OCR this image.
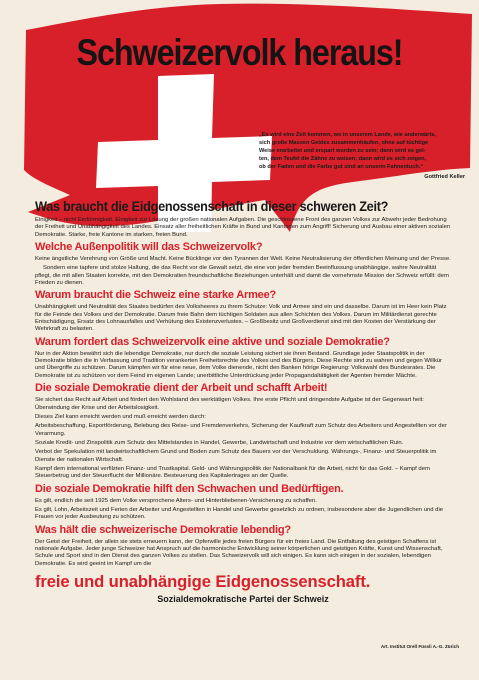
Schweizervolk heraus!
„Es wird eine Zeit kommen, wo in unserem Lande, wie anderwärts,
sich große Massen Geldes zusammenhäufen, ohne auf tüchtige
Weise erarbeitet und erspart worden zu sein; dann wird es gel-
ten, dem Teufel die Zähne zu weisen; dann wird es sich zeigen,
ob der Faden und die Farbe gut sind an unserm Fahnentuch.“
Gottfried Keller
Was braucht die Eidgenossenschaft in dieser schweren Zeit?

Einigkeit – nicht Einförmigkeit. Einigkeit zur Lösung der großen nationalen Aufgaben. Die geschlossene Front des ganzen Volkes zur Abwehr jeder Bedrohung der Freiheit und Unabhängigkeit des Landes. Einsatz aller freiheitlichen Kräfte in Bund und Kantonen zum Angriff! Sicherung und Ausbau einer aktiven sozialen Demokratie. Starke, freie Kantone im starken, freien Bund.

Welche Außenpolitik will das Schweizervolk?

Keine ängstliche Verehrung von Größe und Macht. Keine Bücklinge vor den Tyrannen der Welt. Keine Neutralisierung der öffentlichen Meinung und der Presse.

Sondern eine tapfere und stolze Haltung, die das Recht vor die Gewalt setzt, die eine von jeder fremden Beeinflussung unabhängige, wahre Neutralität pflegt, die mit allen Staaten korrekte, mit den Demokratien freundschaftliche Beziehungen unterhält und damit die vornehmste Mission der Schweiz erfüllt: dem Frieden zu dienen.

Warum braucht die Schweiz eine starke Armee?

Unabhängigkeit und Neutralität des Staates bedürfen des Volksheeres zu ihrem Schutze: Volk und Armee sind ein und dasselbe. Darum ist im Heer kein Platz für die Feinde des Volkes und der Demokratie. Darum freie Bahn dem tüchtigen Soldaten aus allen Schichten des Volkes. Darum im Militärdienst gerechte Entschädigung, Ersatz des Lohnausfalles und Verhütung des Existenzverlustes. – Großbesitz und Großverdienst sind mit den Kosten der Verstärkung der Wehrkraft zu belasten.

Warum fordert das Schweizervolk eine aktive und soziale Demokratie?

Nur in der Aktion bewährt sich die lebendige Demokratie, nur durch die soziale Leistung sichert sie ihren Bestand. Grundlage jeder Staatspolitik in der Demokratie bilden die in Verfassung und Tradition verankerten Freiheitsrechte des Volkes und des Bürgers. Diese Rechte sind zu wahren und gegen Willkür und Übergriffe zu schützen. Darum kämpfen wir für eine neue, dem Volke dienende, nicht den Banken hörige Regierung: Volkswahl des Bundesrates. Die Demokratie ist zu schützen vor dem Feind im eigenen Lande; unerbittliche Unterdrückung jeder Propagandaltätigkeit der Agenten fremder Mächte.

Die soziale Demokratie dient der Arbeit und schafft Arbeit!

Sie sichert das Recht auf Arbeit und fördert den Wohlstand des werktätigen Volkes. Ihre erste Pflicht und dringendste Aufgabe ist der Gegenwart heit: Überwindung der Krise und der Arbeitslosigkeit.

Dieses Ziel kann erreicht werden und muß erreicht werden durch:

Arbeitsbeschaffung, Exportförderung, Belebung des Reise- und Fremdenverkehrs, Sicherung der Kaufkraft zum Schutz des Arbeiters und Angestellten vor der Verarmung.

Soziale Kredit- und Zinspolitik zum Schutz des Mittelstandes in Handel, Gewerbe, Landwirtschaft und Industrie vor dem wirtschaftlichen Ruin.

Verbot der Spekulation mit landwirtschaftlichem Grund und Boden zum Schutz des Bauers vor der Verschuldung. Währungs-, Finanz- und Steuerpolitik im Dienste der nationalen Wirtschaft.

Kampf dem international verfilzten Finanz- und Trustkapital. Geld- und Währungspolitik der Nationalbank für die Arbeit, nicht für das Gold. – Kampf dem Steuerbetrug und der Steuerflucht der Millionäre. Besteuerung des Kapitalertrages an der Quelle.

Die soziale Demokratie hilft den Schwachen und Bedürftigen.

Es gilt, endlich die seit 1925 dem Volke versprochene Alters- und Hinterbliebenen-Versicherung zu schaffen.

Es gilt, Lohn, Arbeitszeit und Ferien der Arbeiter und Angestellten in Handel und Gewerbe gesetzlich zu ordnen, insbesondere aber die Jugendlichen und die Frauen vor jeder Ausbeutung zu schützen.

Was hält die schweizerische Demokratie lebendig?

Der Geist der Freiheit, der allein sie stets erneuern kann, der Opferwille jedes freien Bürgers für ein freies Land. Die Entfaltung des geistigen Schaffens ist nationale Aufgabe. Jeder junge Schweizer hat Anspruch auf die harmonische Entwicklung seiner körperlichen und geistigen Kräfte, Kunst und Wissenschaft, Schule und Sport sind in den Dienst des ganzen Volkes zu stellen. Das Schweizervolk will sich einigen. Es kann sich einigen in der sozialen, lebendigen Demokratie. Es wird geeint im Kampf um die

freie und unabhängige Eidgenossenschaft.
Sozialdemokratische Partei der Schweiz
Art. Institut Orell Füssli A.-G. Zürich
